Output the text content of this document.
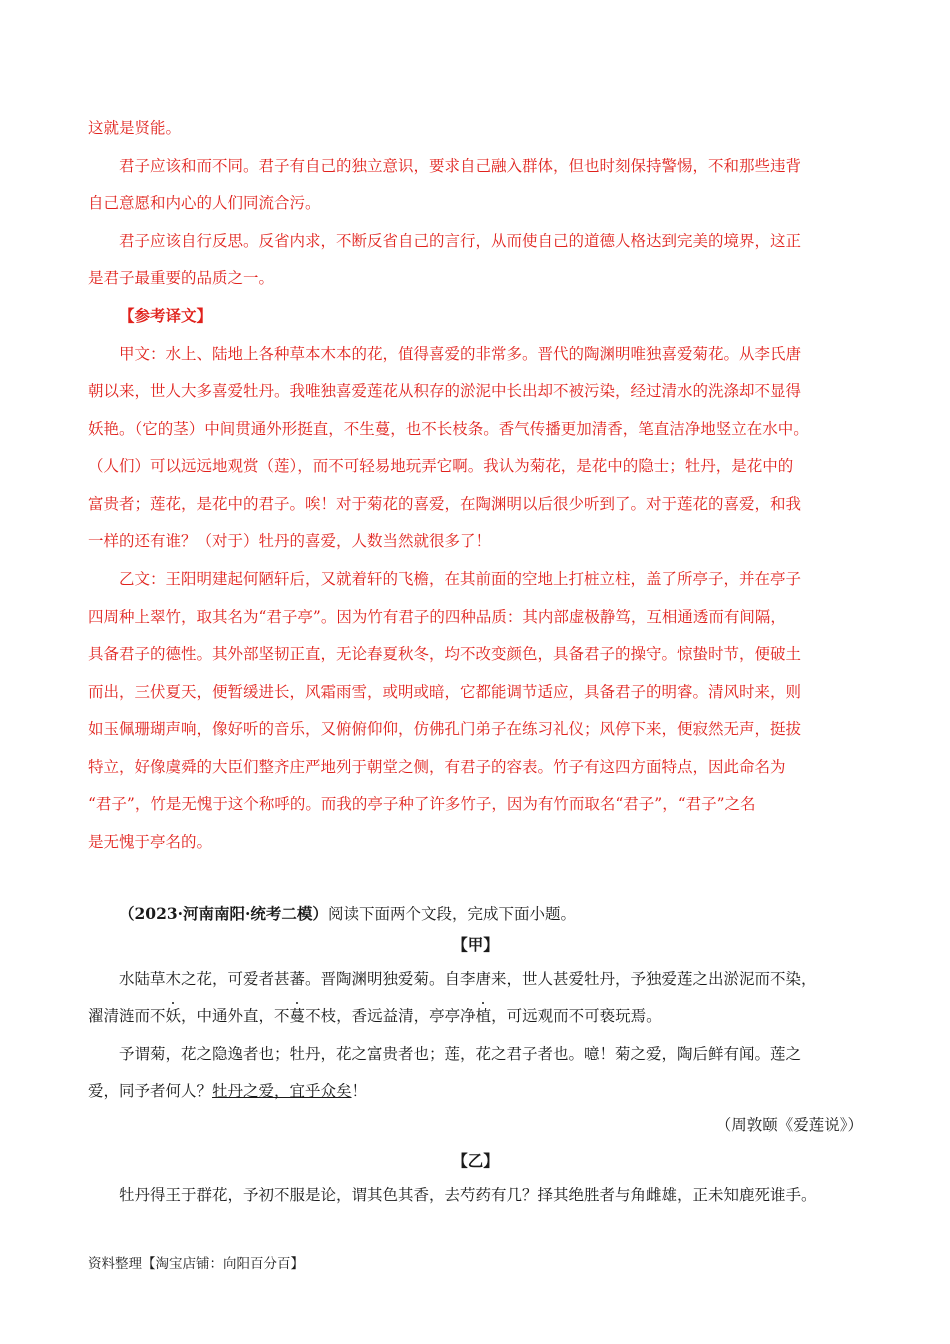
这就是贤能。

君子应该和而不同。君子有自己的独立意识，要求自己融入群体，但也时刻保持警惕，不和那些违背

自己意愿和内心的人们同流合污。

君子应该自行反思。反省内求，不断反省自己的言行，从而使自己的道德人格达到完美的境界，这正

是君子最重要的品质之一。

【参考译文】

甲文：水上、陆地上各种草本木本的花，值得喜爱的非常多。晋代的陶渊明唯独喜爱菊花。从李氏唐

朝以来，世人大多喜爱牡丹。我唯独喜爱莲花从积存的淤泥中长出却不被污染，经过清水的洗涤却不显得

妖艳。（它的茎）中间贯通外形挺直，不生蔓，也不长枝条。香气传播更加清香，笔直洁净地竖立在水中。

（人们）可以远远地观赏（莲），而不可轻易地玩弄它啊。我认为菊花，是花中的隐士；牡丹，是花中的

富贵者；莲花，是花中的君子。唉！对于菊花的喜爱，在陶渊明以后很少听到了。对于莲花的喜爱，和我

一样的还有谁？（对于）牡丹的喜爱，人数当然就很多了！

乙文：王阳明建起何陋轩后，又就着轩的飞檐，在其前面的空地上打桩立柱，盖了所亭子，并在亭子

四周种上翠竹，取其名为“君子亭”。因为竹有君子的四种品质：其内部虚极静笃，互相通透而有间隔，

具备君子的德性。其外部坚韧正直，无论春夏秋冬，均不改变颜色，具备君子的操守。惊蛰时节，便破土

而出，三伏夏天，便暂缓进长，风霜雨雪，或明或暗，它都能调节适应，具备君子的明睿。清风时来，则

如玉佩珊瑚声响，像好听的音乐，又俯俯仰仰，仿佛孔门弟子在练习礼仪；风停下来，便寂然无声，挺拔

特立，好像虞舜的大臣们整齐庄严地列于朝堂之侧，有君子的容表。竹子有这四方面特点，因此命名为

“君子”，竹是无愧于这个称呼的。而我的亭子种了许多竹子，因为有竹而取名“君子”，“君子”之名

是无愧于亭名的。

（2023·河南南阳·统考二模）阅读下面两个文段，完成下面小题。

【甲】

水陆草木之花，可爱者甚蕃。晋陶渊明独爱菊。自李唐来，世人甚爱牡丹，予独爱莲之出淤泥而不染，

濯清涟而不妖，中通外直，不蔓不枝，香远益清，亭亭净植，可远观而不可亵玩焉。

予谓菊，花之隐逸者也；牡丹，花之富贵者也；莲，花之君子者也。噫！菊之爱，陶后鲜有闻。莲之

爱，同予者何人？牡丹之爱，宜乎众矣！

（周敦颐《爱莲说》）

【乙】

牡丹得王于群花，予初不服是论，谓其色其香，去芍药有几？择其绝胜者与角雌雄，正未知鹿死谁手。

资料整理【淘宝店铺：向阳百分百】
